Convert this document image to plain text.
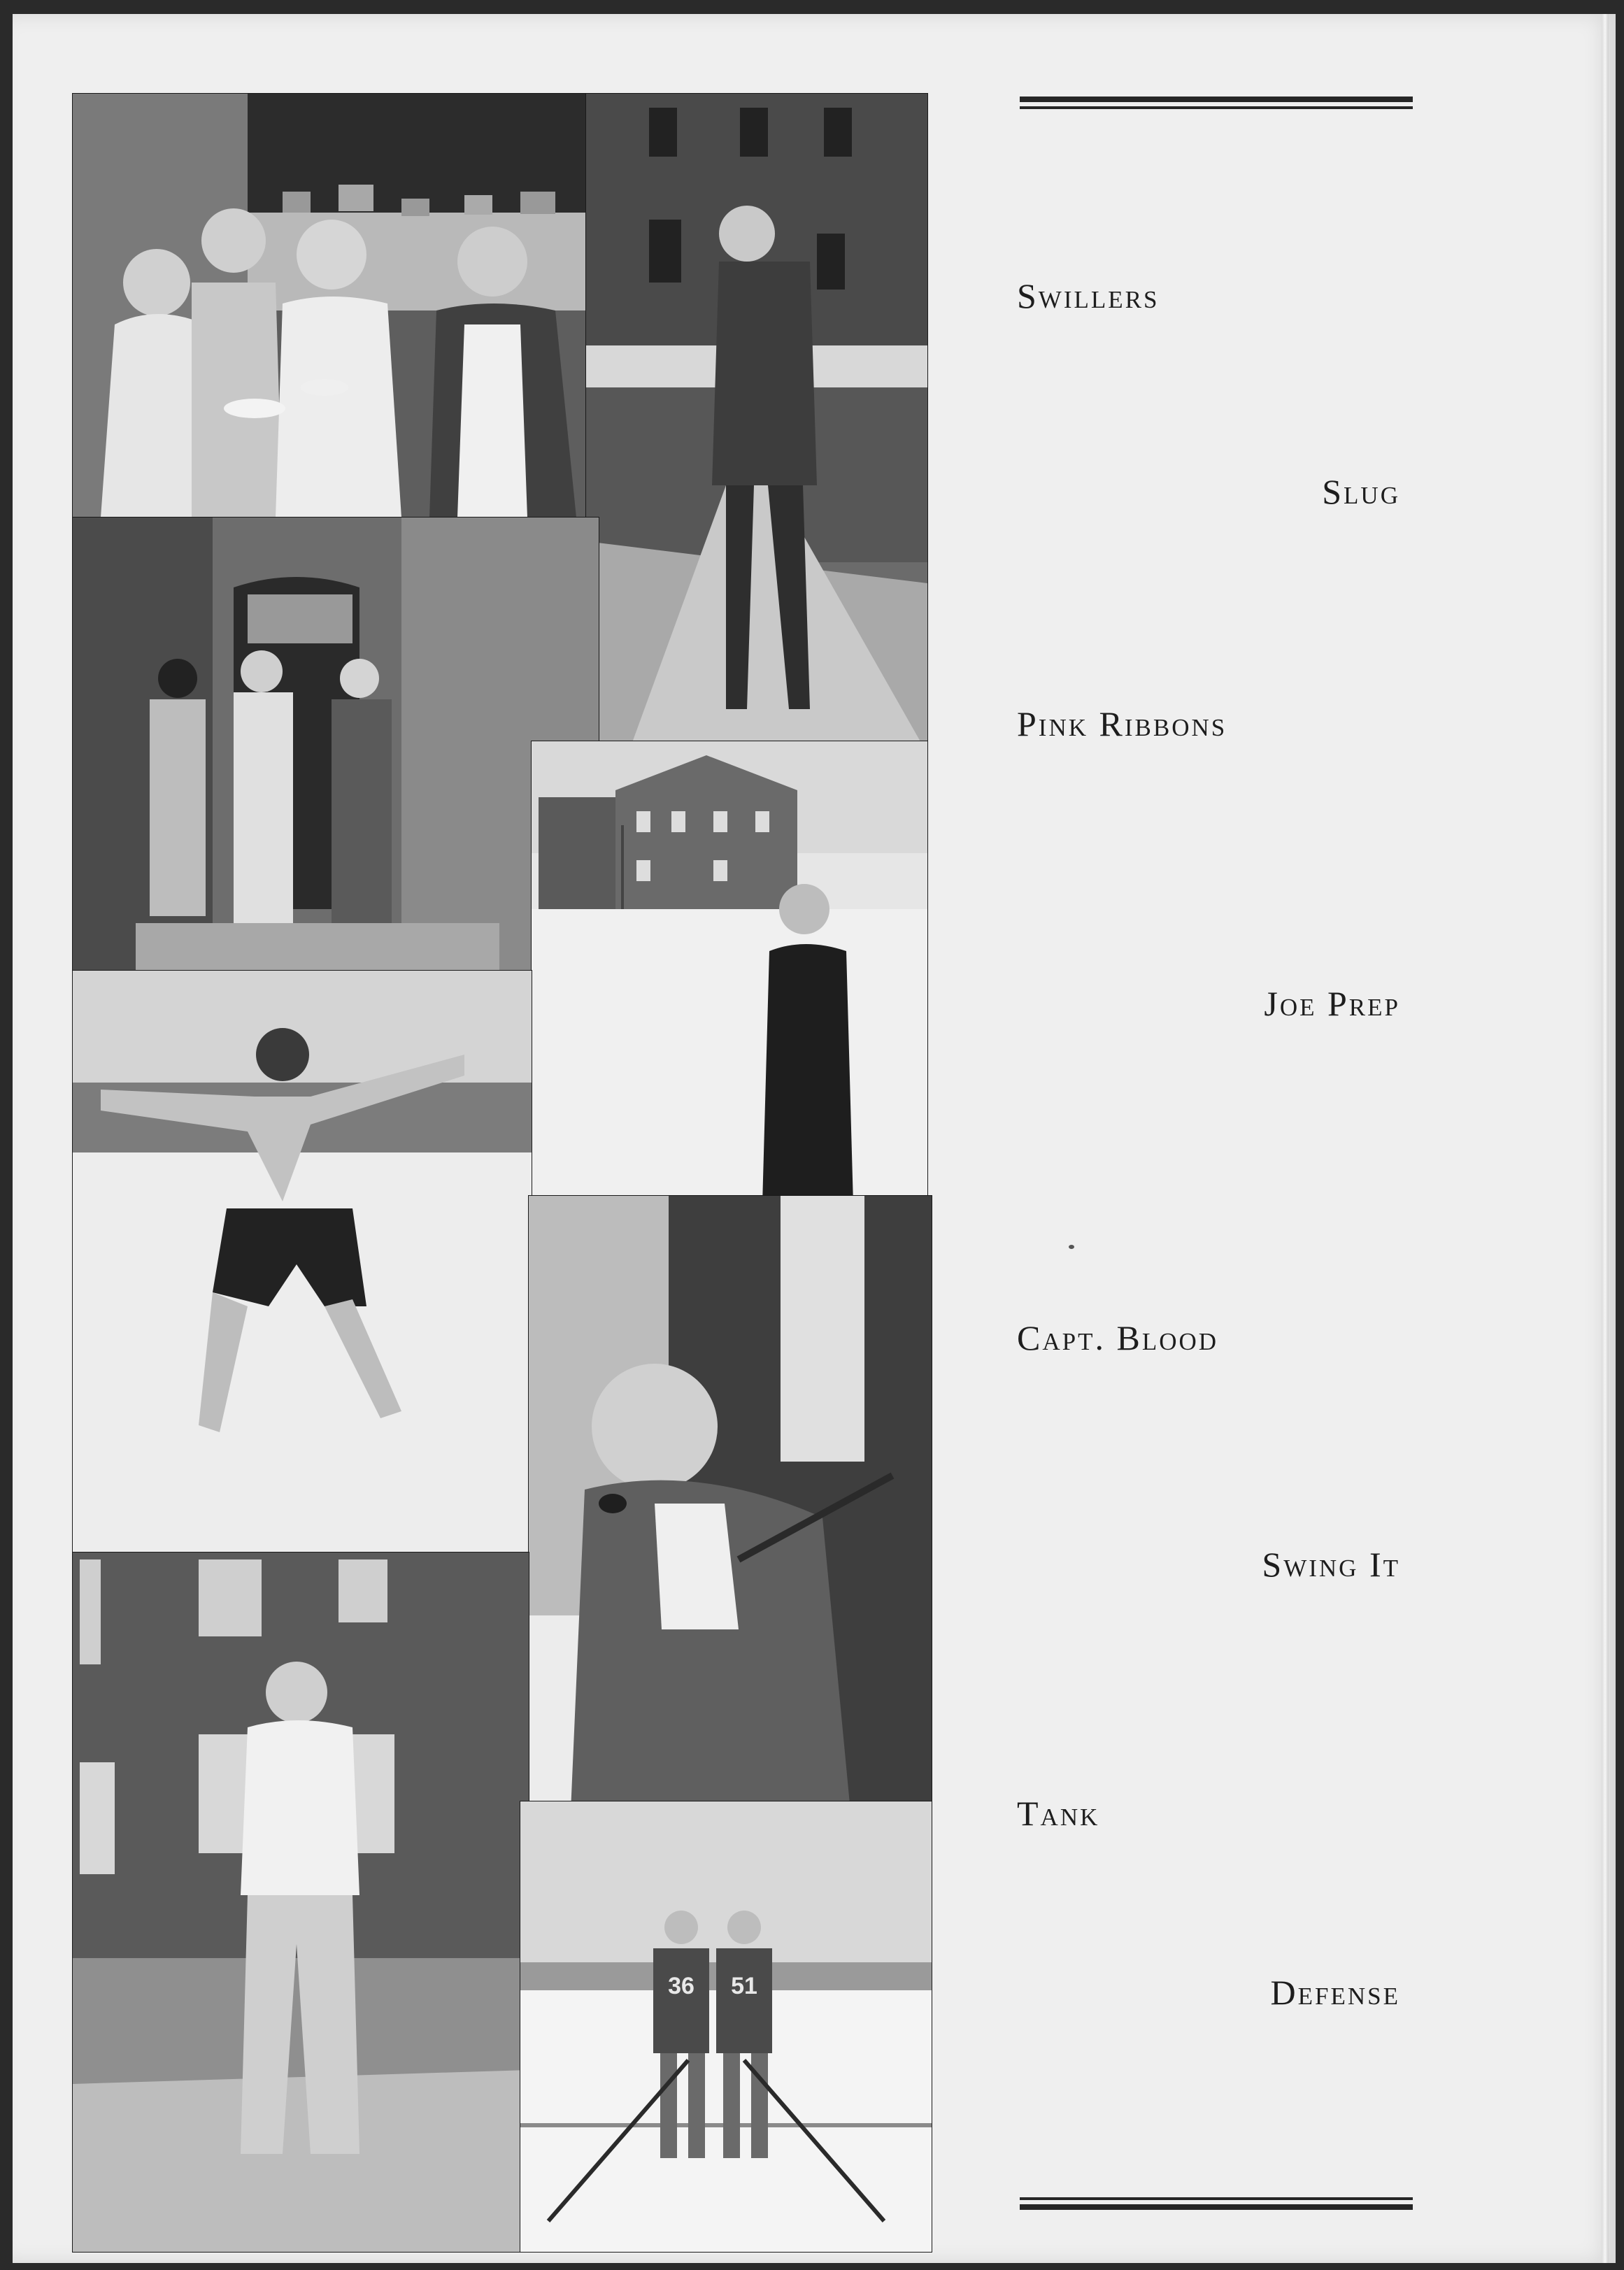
Swillers
Slug
Pink Ribbons
Joe Prep
Capt. Blood
Swing It
Tank
Defense
36 51
